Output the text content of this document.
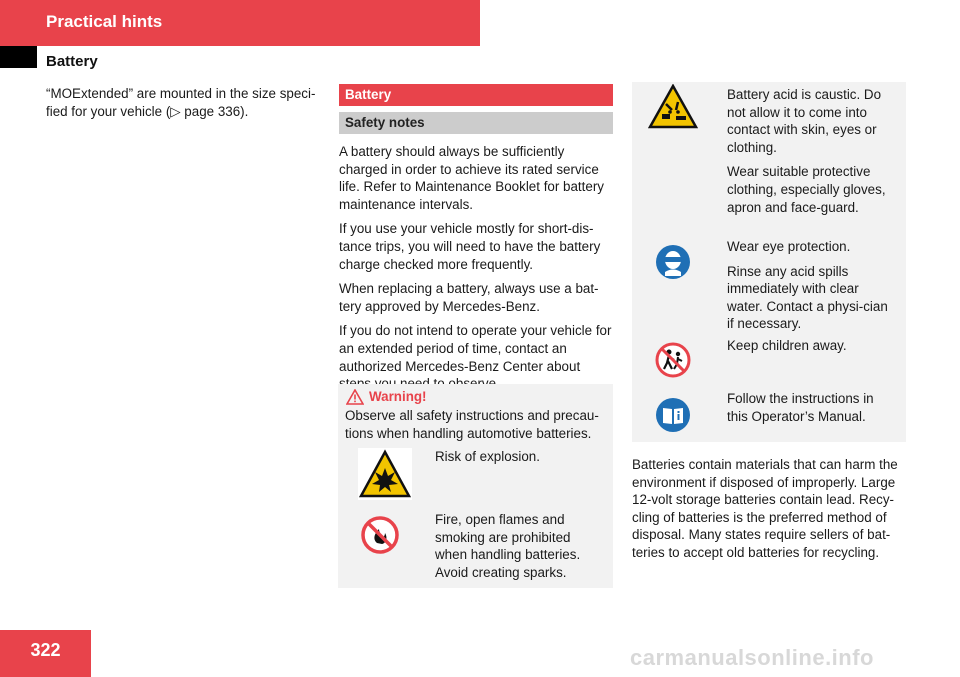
Practical hints
Battery
“MOExtended” are mounted in the size speci-
fied for your vehicle (▷ page 336).
Battery
Safety notes

A battery should always be sufficiently charged in order to achieve its rated service life. Refer to Maintenance Booklet for battery maintenance intervals.

If you use your vehicle mostly for short-dis-tance trips, you will need to have the battery charge checked more frequently.

When replacing a battery, always use a bat-tery approved by Mercedes-Benz.

If you do not intend to operate your vehicle for an extended period of time, contact an authorized Mercedes-Benz Center about

Warning!
Observe all safety instructions and precau-tions when handling automotive batteries.
Risk of explosion.
Fire, open flames and smoking are prohibited when handling batteries. Avoid creating sparks.

Battery acid is caustic. Do not allow it to come into contact with skin, eyes or clothing.

Wear suitable protective clothing, especially gloves, apron and face-guard.

Wear eye protection.

Rinse any acid spills immediately with clear water. Contact a physi-cian if necessary.

Keep children away.
Follow the instructions in this Operator’s Manual.
Batteries contain materials that can harm the environment if disposed of improperly. Large 12-volt storage batteries contain lead. Recy-cling of batteries is the preferred method of disposal. Many states require sellers of bat-teries to accept old batteries for recycling.
322	carmanualsonline.info
